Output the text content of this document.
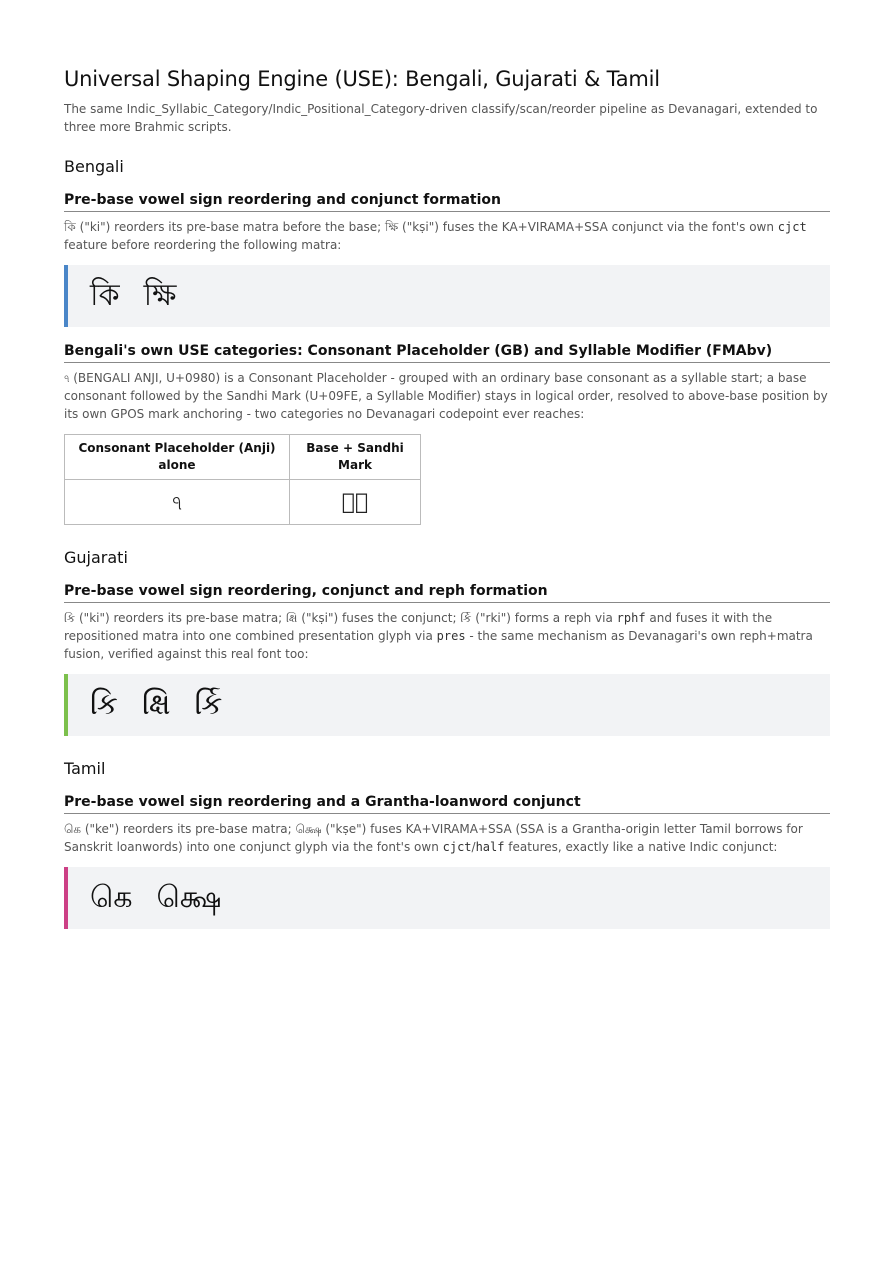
Universal Shaping Engine (USE): Bengali, Gujarati & Tamil

The same Indic_Syllabic_Category/Indic_Positional_Category-driven classify/scan/reorder pipeline as Devanagari, extended to three more Brahmic scripts.

Bengali
Pre-base vowel sign reordering and conjunct formation

কি ("ki") reorders its pre-base matra before the base; ক্ষি ("kṣi") fuses the KA+VIRAMA+SSA conjunct via the font's own cjct feature before reordering the following matra:

কি ক্ষি
Bengali's own USE categories: Consonant Placeholder (GB) and Syllable Modifier (FMAbv)

ঀ (BENGALI ANJI, U+0980) is a Consonant Placeholder - grouped with an ordinary base consonant as a syllable start; a base consonant followed by the Sandhi Mark (U+09FE, a Syllable Modifier) stays in logical order, resolved to above-base position by its own GPOS mark anchoring - two categories no Devanagari codepoint ever reaches:

Consonant Placeholder (Anji) alone	Base + Sandhi Mark
ঀ	ক৾
Gujarati
Pre-base vowel sign reordering, conjunct and reph formation

કિ ("ki") reorders its pre-base matra; ક્ષિ ("kṣi") fuses the conjunct; ર્કિ ("rki") forms a reph via rphf and fuses it with the repositioned matra into one combined presentation glyph via pres - the same mechanism as Devanagari's own reph+matra fusion, verified against this real font too:

કિ ક્ષિ ર્કિ
Tamil
Pre-base vowel sign reordering and a Grantha-loanword conjunct

கெ ("ke") reorders its pre-base matra; க்ஷெ ("kṣe") fuses KA+VIRAMA+SSA (SSA is a Grantha-origin letter Tamil borrows for Sanskrit loanwords) into one conjunct glyph via the font's own cjct/half features, exactly like a native Indic conjunct:

கெ க்ஷெ
